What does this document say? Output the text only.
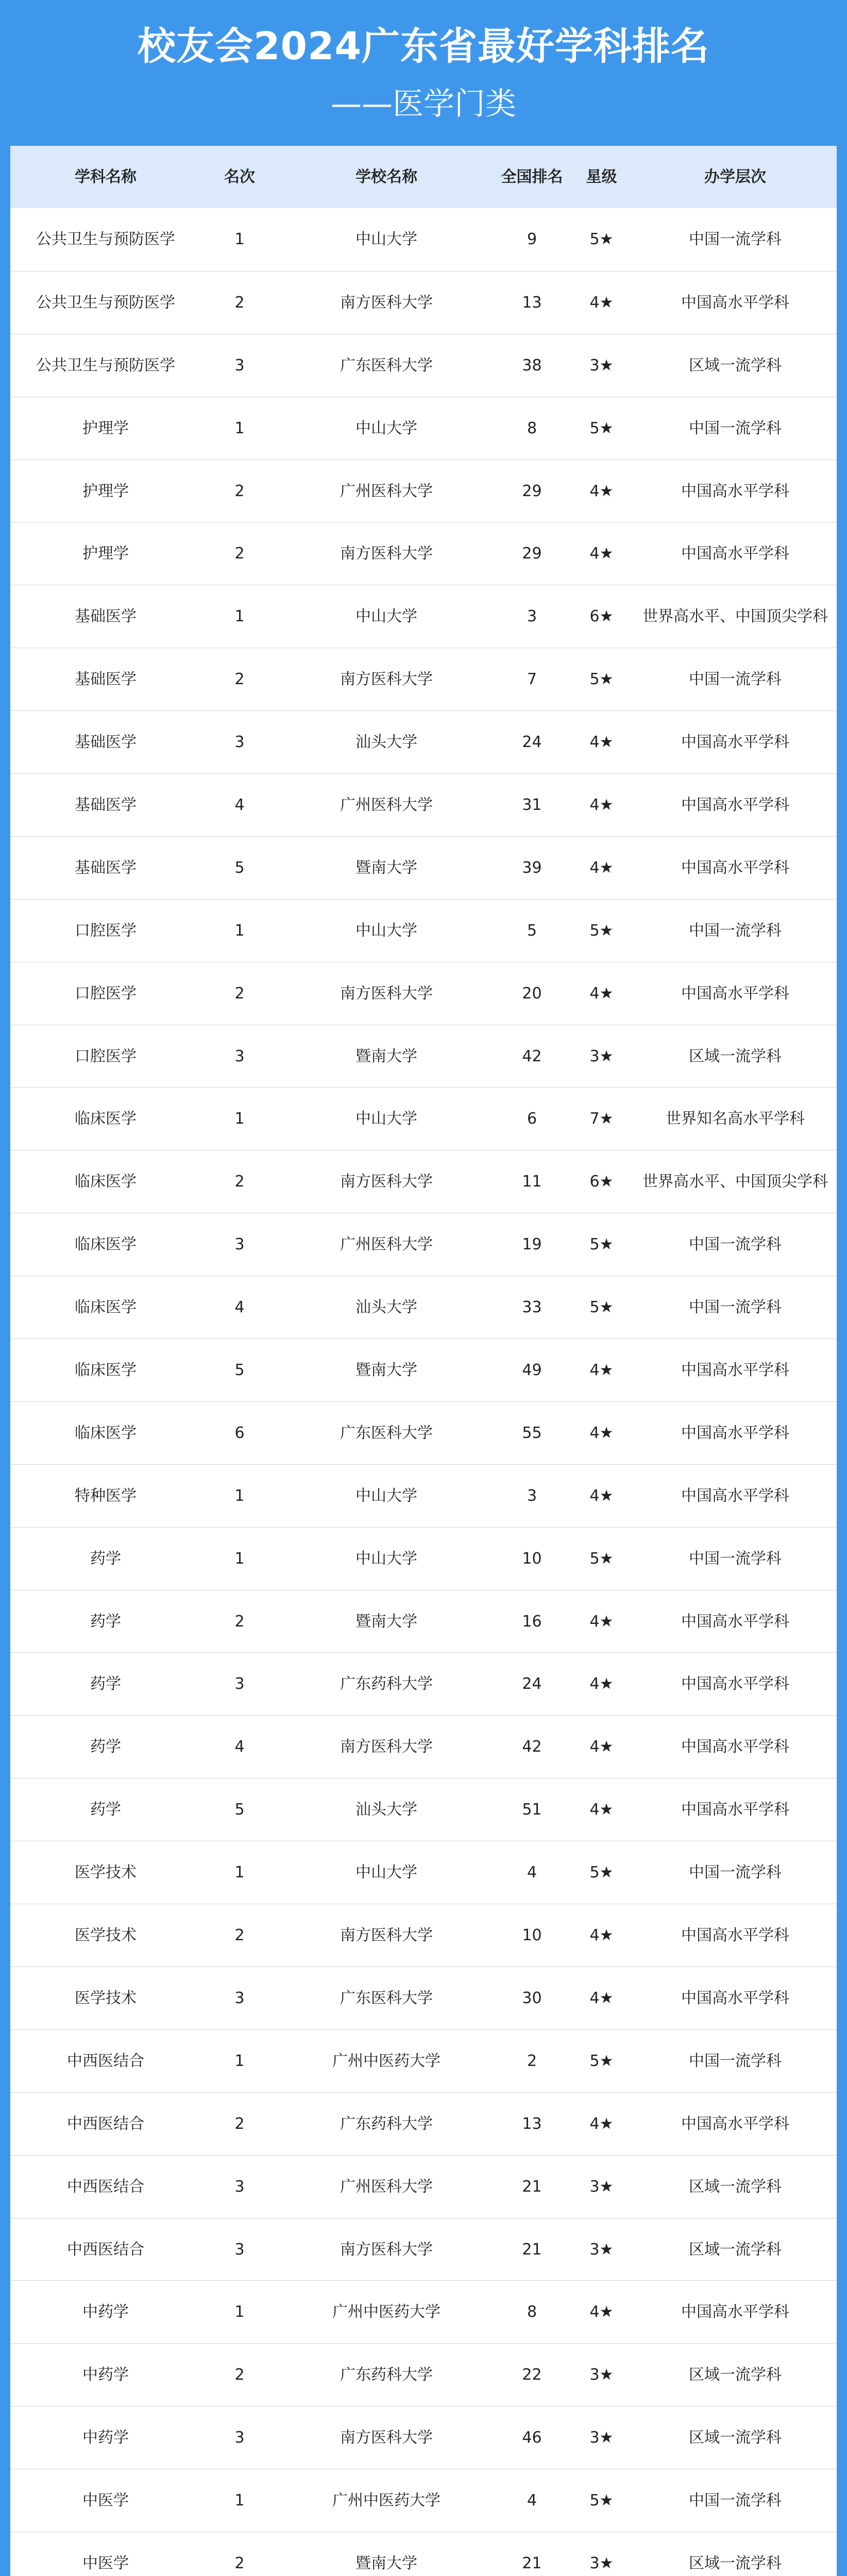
校友会2024广东省最好学科排名
——医学门类
学科名称	名次	学校名称	全国排名	星级	办学层次
公共卫生与预防医学	1	中山大学	9	5★	中国一流学科
公共卫生与预防医学	2	南方医科大学	13	4★	中国高水平学科
公共卫生与预防医学	3	广东医科大学	38	3★	区域一流学科
护理学	1	中山大学	8	5★	中国一流学科
护理学	2	广州医科大学	29	4★	中国高水平学科
护理学	2	南方医科大学	29	4★	中国高水平学科
基础医学	1	中山大学	3	6★	世界高水平、中国顶尖学科
基础医学	2	南方医科大学	7	5★	中国一流学科
基础医学	3	汕头大学	24	4★	中国高水平学科
基础医学	4	广州医科大学	31	4★	中国高水平学科
基础医学	5	暨南大学	39	4★	中国高水平学科
口腔医学	1	中山大学	5	5★	中国一流学科
口腔医学	2	南方医科大学	20	4★	中国高水平学科
口腔医学	3	暨南大学	42	3★	区域一流学科
临床医学	1	中山大学	6	7★	世界知名高水平学科
临床医学	2	南方医科大学	11	6★	世界高水平、中国顶尖学科
临床医学	3	广州医科大学	19	5★	中国一流学科
临床医学	4	汕头大学	33	5★	中国一流学科
临床医学	5	暨南大学	49	4★	中国高水平学科
临床医学	6	广东医科大学	55	4★	中国高水平学科
特种医学	1	中山大学	3	4★	中国高水平学科
药学	1	中山大学	10	5★	中国一流学科
药学	2	暨南大学	16	4★	中国高水平学科
药学	3	广东药科大学	24	4★	中国高水平学科
药学	4	南方医科大学	42	4★	中国高水平学科
药学	5	汕头大学	51	4★	中国高水平学科
医学技术	1	中山大学	4	5★	中国一流学科
医学技术	2	南方医科大学	10	4★	中国高水平学科
医学技术	3	广东医科大学	30	4★	中国高水平学科
中西医结合	1	广州中医药大学	2	5★	中国一流学科
中西医结合	2	广东药科大学	13	4★	中国高水平学科
中西医结合	3	广州医科大学	21	3★	区域一流学科
中西医结合	3	南方医科大学	21	3★	区域一流学科
中药学	1	广州中医药大学	8	4★	中国高水平学科
中药学	2	广东药科大学	22	3★	区域一流学科
中药学	3	南方医科大学	46	3★	区域一流学科
中医学	1	广州中医药大学	4	5★	中国一流学科
中医学	2	暨南大学	21	3★	区域一流学科
